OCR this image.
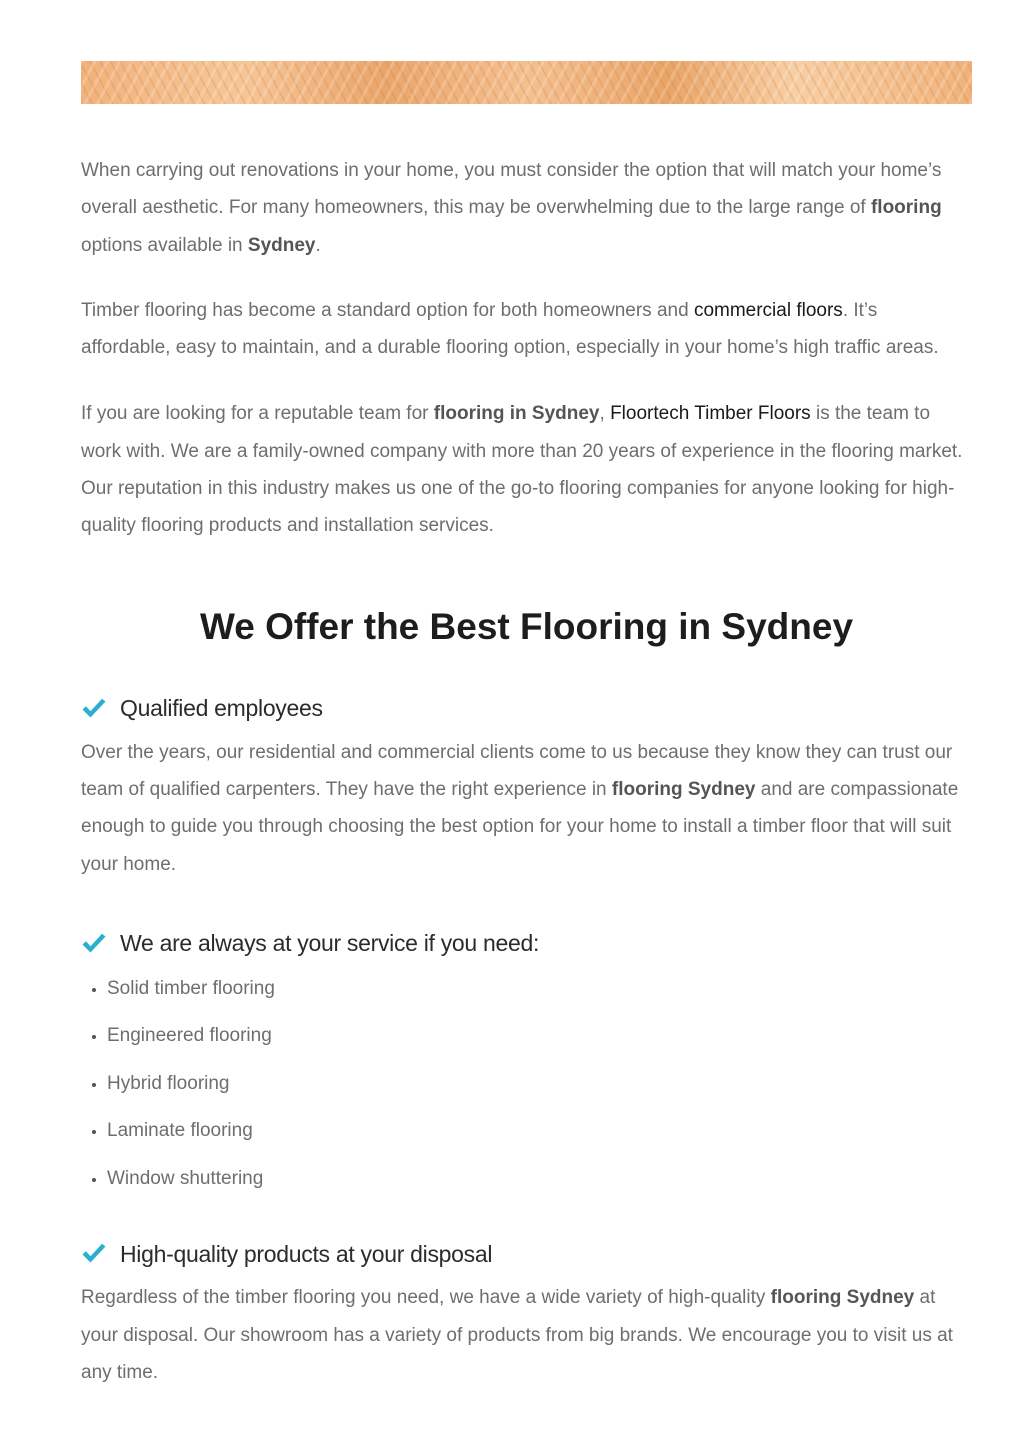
When carrying out renovations in your home, you must consider the option that will match your home’s overall aesthetic. For many homeowners, this may be overwhelming due to the large range of flooring options available in Sydney.

Timber flooring has become a standard option for both homeowners and commercial floors. It’s affordable, easy to maintain, and a durable flooring option, especially in your home’s high traffic areas.

If you are looking for a reputable team for flooring in Sydney, Floortech Timber Floors is the team to work with. We are a family-owned company with more than 20 years of experience in the flooring market. Our reputation in this industry makes us one of the go-to flooring companies for anyone looking for high-quality flooring products and installation services.

We Offer the Best Flooring in Sydney
Qualified employees

Over the years, our residential and commercial clients come to us because they know they can trust our team of qualified carpenters. They have the right experience in flooring Sydney and are compassionate enough to guide you through choosing the best option for your home to install a timber floor that will suit your home.

We are always at your service if you need:
• Solid timber flooring
• Engineered flooring
• Hybrid flooring
• Laminate flooring
• Window shuttering
High-quality products at your disposal

Regardless of the timber flooring you need, we have a wide variety of high-quality flooring Sydney at your disposal. Our showroom has a variety of products from big brands. We encourage you to visit us at any time.
